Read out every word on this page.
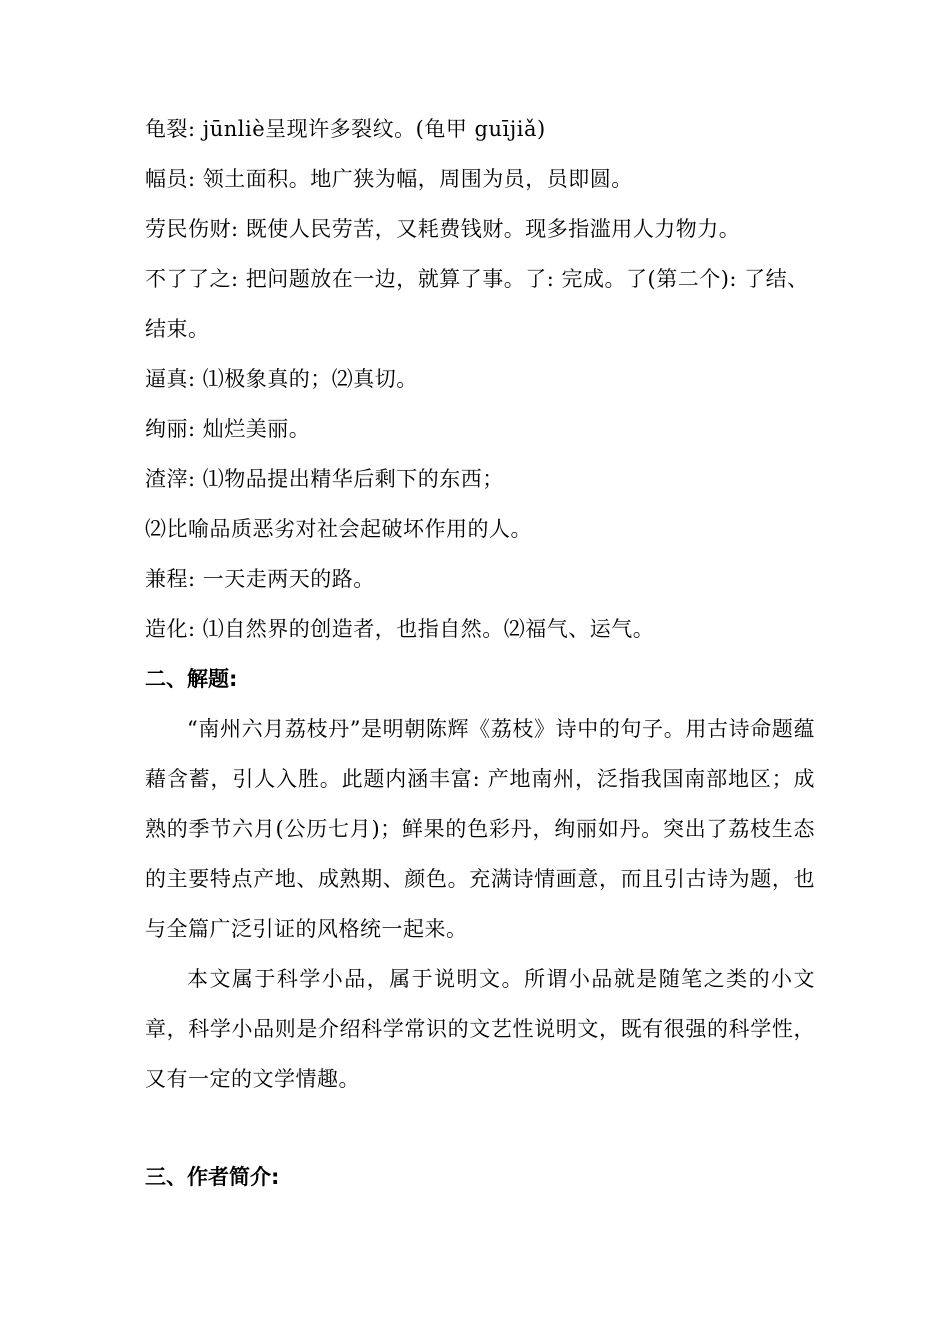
龟裂: jūnliè呈现许多裂纹。(龟甲 guījiǎ)
幅员: 领土面积。地广狭为幅，周围为员，员即圆。
劳民伤财: 既使人民劳苦，又耗费钱财。现多指滥用人力物力。
不了了之: 把问题放在一边，就算了事。了: 完成。了(第二个): 了结、结束。
逼真: ⑴极象真的；⑵真切。
绚丽: 灿烂美丽。
渣滓: ⑴物品提出精华后剩下的东西；
⑵比喻品质恶劣对社会起破坏作用的人。
兼程: 一天走两天的路。
造化: ⑴自然界的创造者，也指自然。⑵福气、运气。
二、解题:
“南州六月荔枝丹”是明朝陈辉《荔枝》诗中的句子。用古诗命题蕴藉含蓄，引人入胜。此题内涵丰富: 产地南州，泛指我国南部地区；成熟的季节六月(公历七月)；鲜果的色彩丹，绚丽如丹。突出了荔枝生态的主要特点产地、成熟期、颜色。充满诗情画意，而且引古诗为题，也与全篇广泛引证的风格统一起来。
本文属于科学小品，属于说明文。所谓小品就是随笔之类的小文章，科学小品则是介绍科学常识的文艺性说明文，既有很强的科学性，又有一定的文学情趣。
三、作者简介:
